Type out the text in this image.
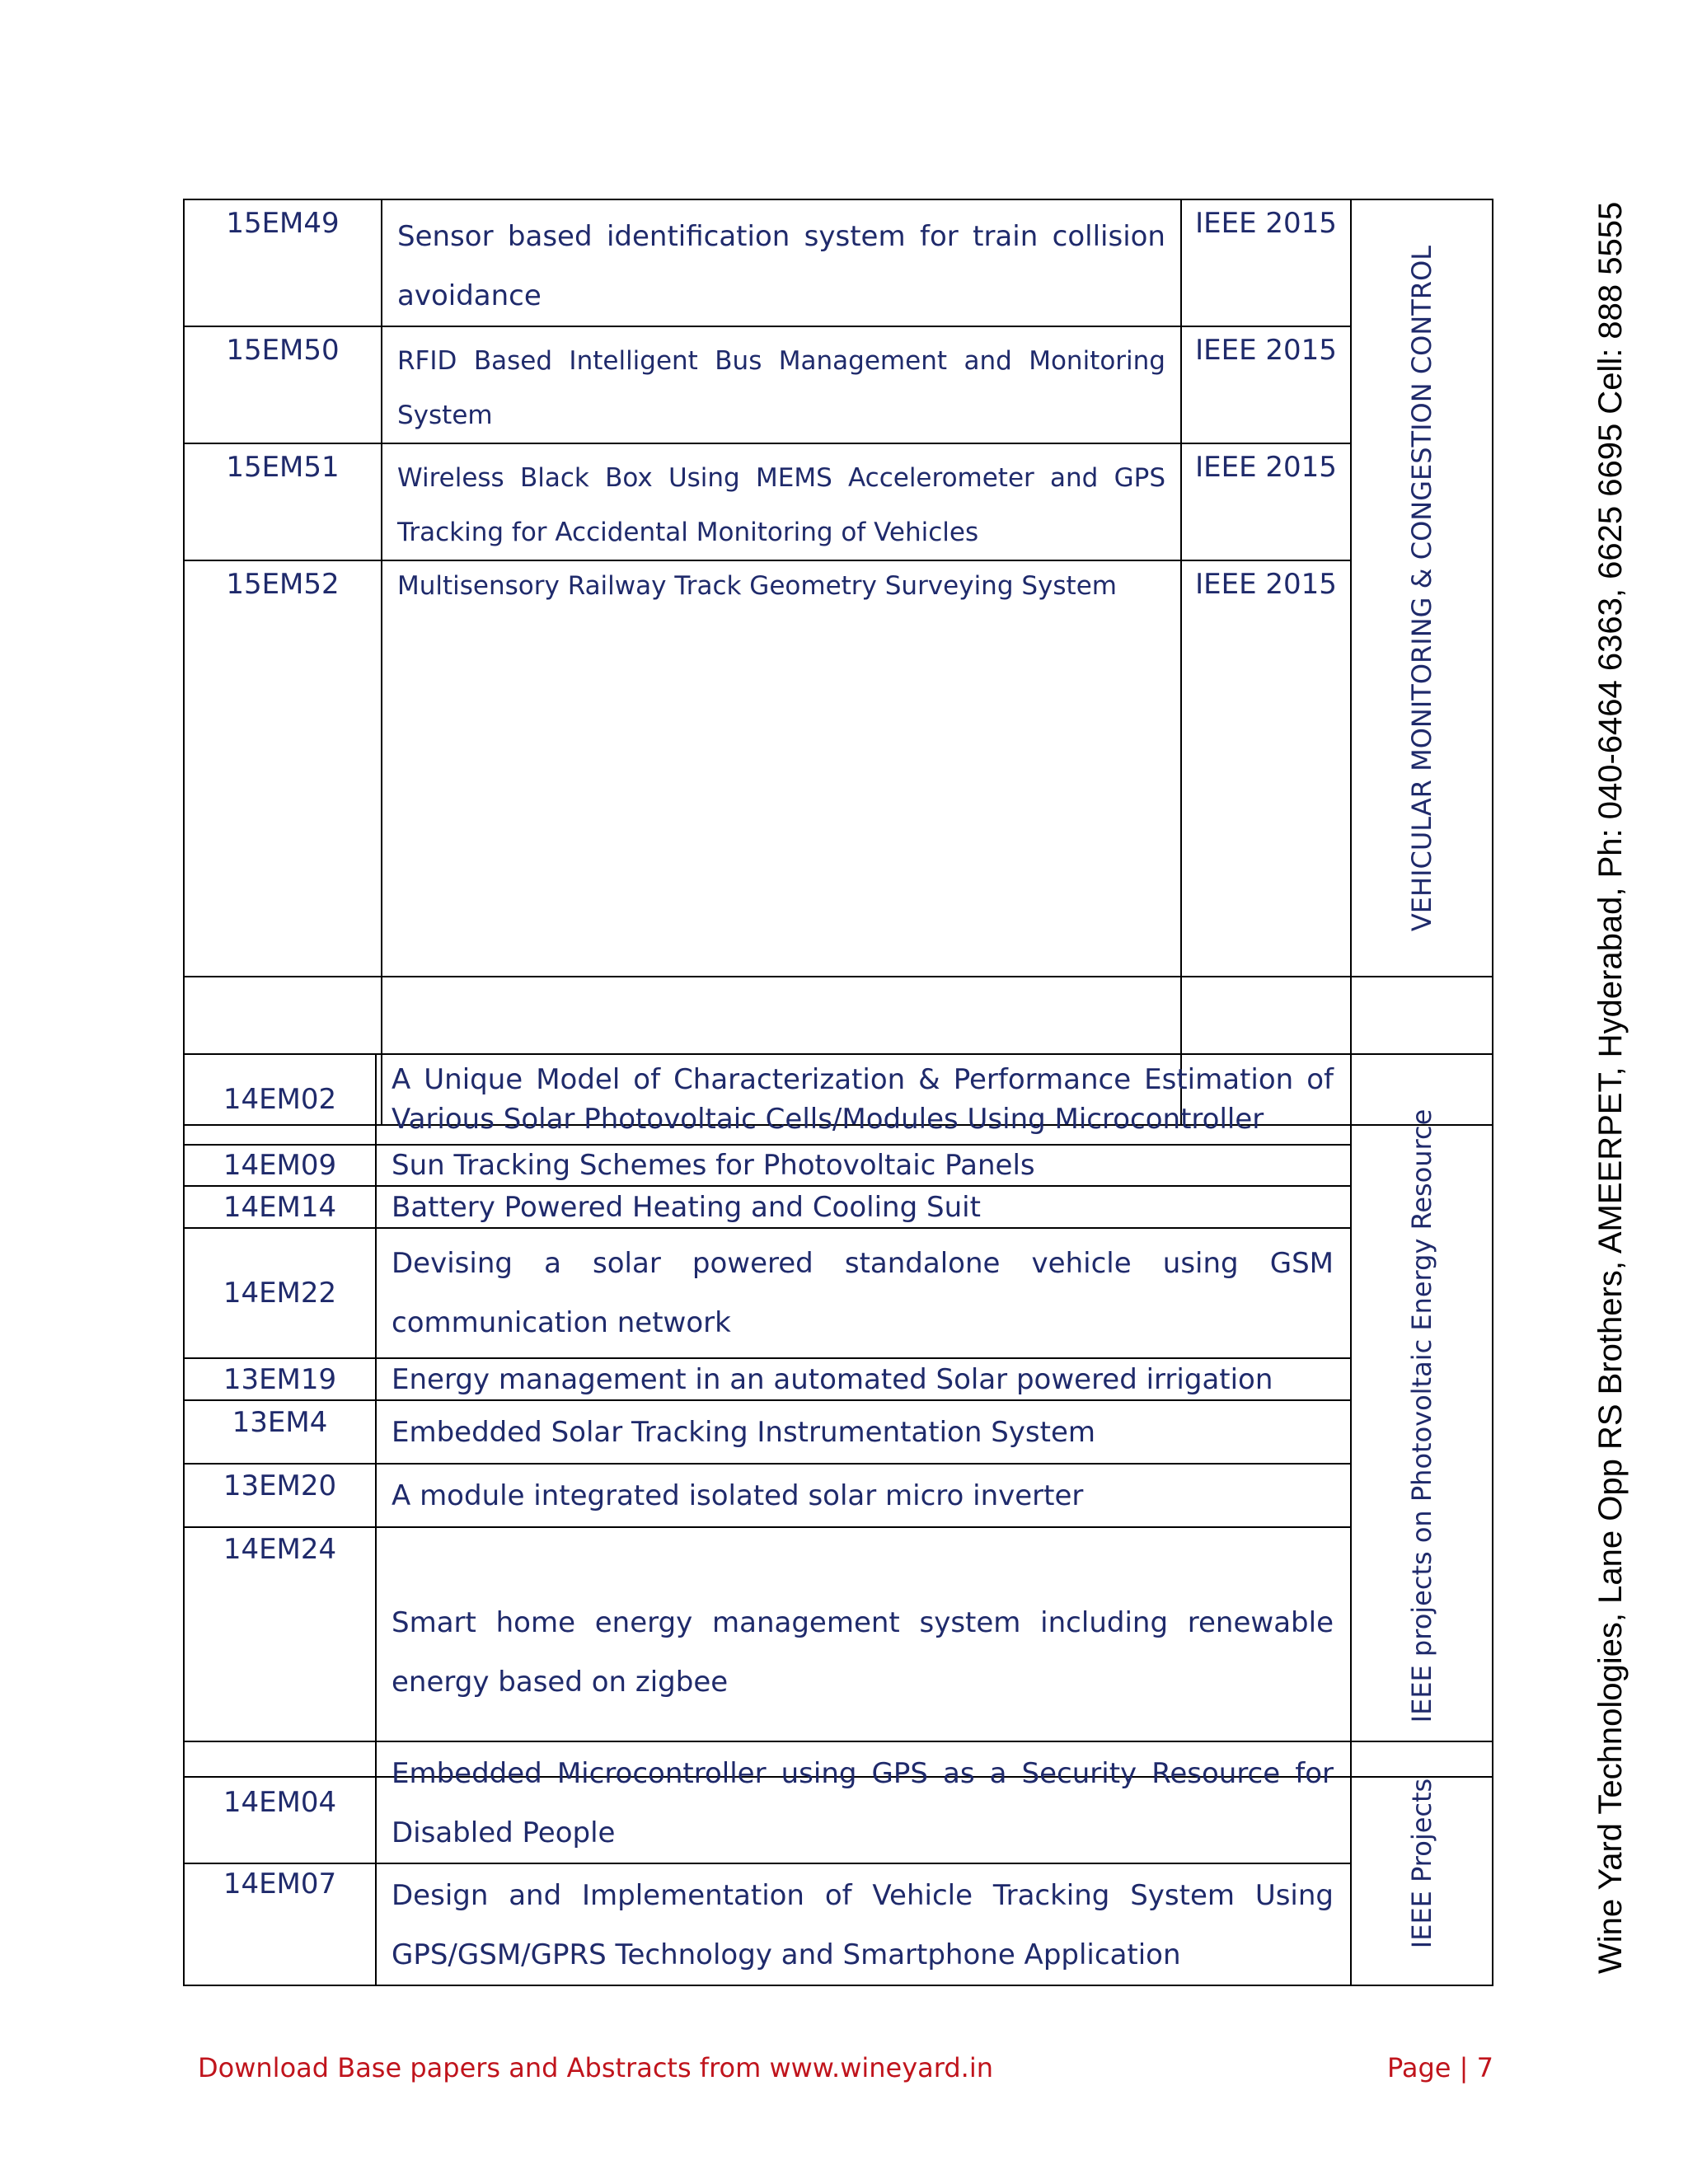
15EM49	Sensor based identification system for train collision avoidance	IEEE 2015	VEHICULAR MONITORING & CONGESTION CONTROL

15EM50	RFID Based Intelligent Bus Management and Monitoring System	IEEE 2015	
15EM51	Wireless Black Box Using MEMS Accelerometer and GPS Tracking for Accidental Monitoring of Vehicles	IEEE 2015	
15EM52	Multisensory Railway Track Geometry Surveying System	IEEE 2015	

14EM02	A Unique Model of Characterization & Performance Estimation of Various Solar Photovoltaic Cells/Modules Using Microcontroller	IEEE projects on Photovoltaic Energy Resource

14EM09	Sun Tracking Schemes for Photovoltaic Panels	
14EM14	Battery Powered Heating and Cooling Suit	
14EM22	Devising a solar powered standalone vehicle using GSM communication network	
13EM19	Energy management in an automated Solar powered irrigation	
13EM4	Embedded Solar Tracking Instrumentation System	
13EM20	A module integrated isolated solar micro inverter	
14EM24	Smart home energy management system including renewable energy based on zigbee	
14EM04	Embedded Microcontroller using GPS as a Security Resource for Disabled People	IEEE Projects

14EM07	Design and Implementation of Vehicle Tracking System Using GPS/GSM/GPRS Technology and Smartphone Application		Wine Yard Technologies, Lane Opp RS Brothers, AMEERPET, Hyderabad, Ph: 040-6464 6363, 6625 6695 Cell: 888 5555
Download Base papers and Abstracts from www.wineyard.in	Page | 7
